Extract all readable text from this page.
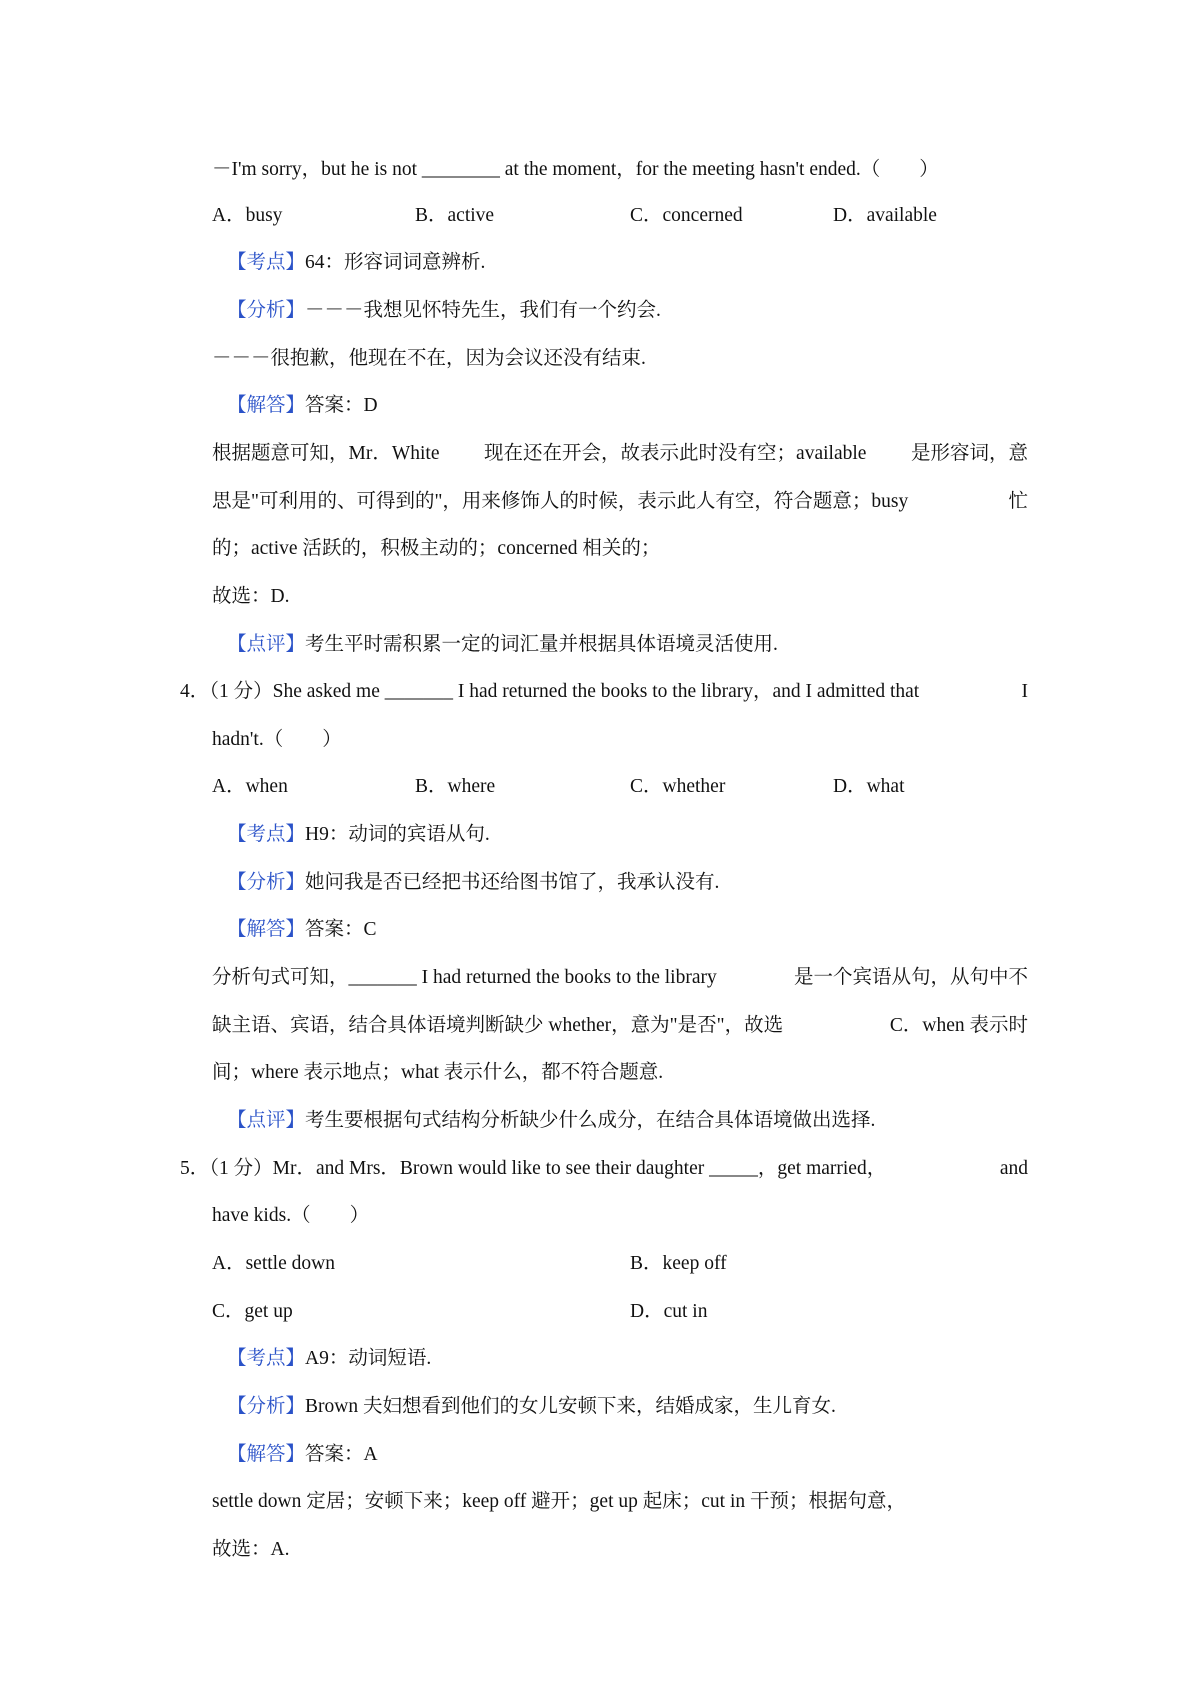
－I'm sorry，but he is not ________ at the moment，for the meeting hasn't ended.（　　）
A．busy	B．active	C．concerned	D．available
【考点】64：形容词词意辨析.
【分析】－－－我想见怀特先生，我们有一个约会.
－－－很抱歉，他现在不在，因为会议还没有结束.
【解答】答案：D
根据题意可知，Mr．White 现在还在开会，故表示此时没有空；available 是形容词，意
思是"可利用的、可得到的"，用来修饰人的时候，表示此人有空，符合题意；busy	忙
的；active 活跃的，积极主动的；concerned 相关的；
故选：D.
【点评】考生平时需积累一定的词汇量并根据具体语境灵活使用.
4．（1 分）She asked me _______ I had returned the books to the library，and I admitted that	I
hadn't.（　　）
A．when	B．where	C．whether	D．what
【考点】H9：动词的宾语从句.
【分析】她问我是否已经把书还给图书馆了，我承认没有.
【解答】答案：C
分析句式可知，_______ I had returned the books to the library	是一个宾语从句，从句中不
缺主语、宾语，结合具体语境判断缺少 whether，意为"是否"，故选	C．when 表示时
间；where 表示地点；what 表示什么，都不符合题意.
【点评】考生要根据句式结构分析缺少什么成分，在结合具体语境做出选择.
5．（1 分）Mr．and Mrs．Brown would like to see their daughter _____，get married，	and
have kids.（　　）
A．settle down	B．keep off
C．get up	D．cut in
【考点】A9：动词短语.
【分析】Brown 夫妇想看到他们的女儿安顿下来，结婚成家，生儿育女.
【解答】答案：A
settle down 定居；安顿下来；keep off 避开；get up 起床；cut in 干预；根据句意，
故选：A.
